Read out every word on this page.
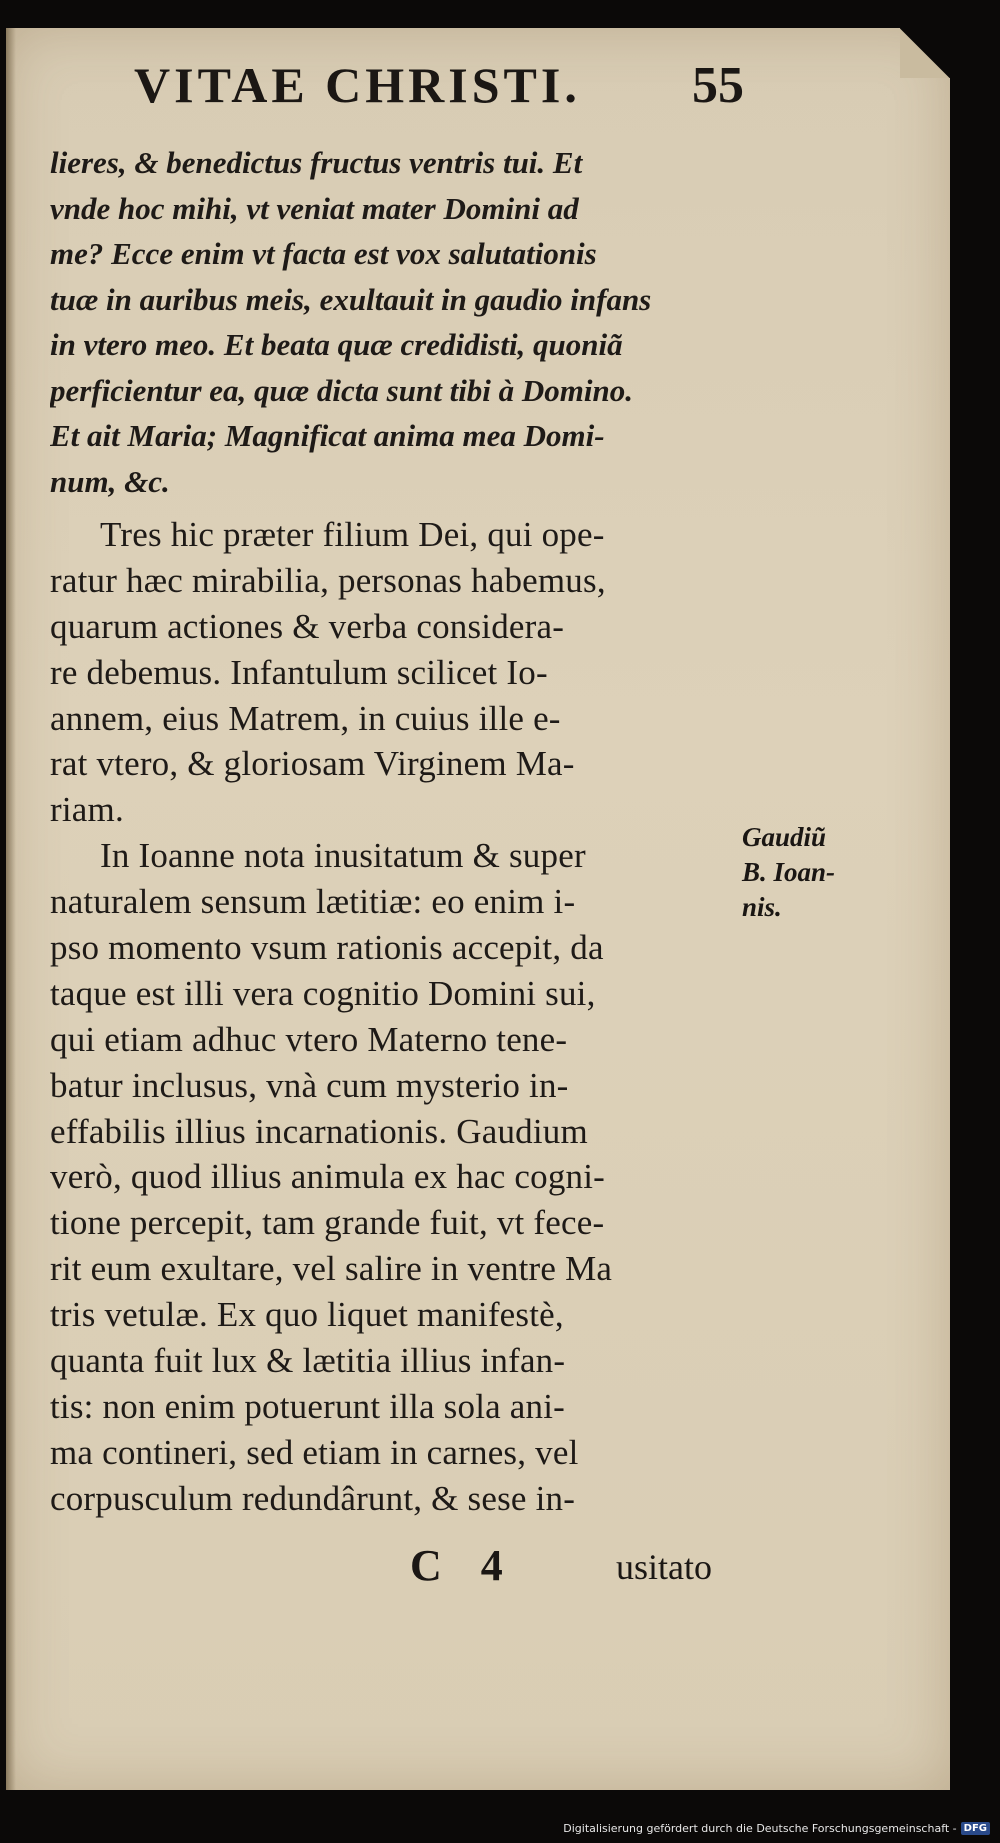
VITAE CHRISTI. 55
lieres, & benedictus fructus ventris tui. Et
vnde hoc mihi, vt veniat mater Domini ad
me? Ecce enim vt facta est vox salutationis
tuæ in auribus meis, exultauit in gaudio infans
in vtero meo. Et beata quæ credidisti, quoniã
perficientur ea, quæ dicta sunt tibi à Domino.
Et ait Maria; Magnificat anima mea Domi-
num, &c.
Tres hic præter filium Dei, qui ope-
ratur hæc mirabilia, personas habemus,
quarum actiones & verba considera-
re debemus. Infantulum scilicet Io-
annem, eius Matrem, in cuius ille e-
rat vtero, & gloriosam Virginem Ma-
riam.
In Ioanne nota inusitatum & super
naturalem sensum lætitiæ: eo enim i-
pso momento vsum rationis accepit, da
taque est illi vera cognitio Domini sui,
qui etiam adhuc vtero Materno tene-
batur inclusus, vnà cum mysterio in-
effabilis illius incarnationis. Gaudium
verò, quod illius animula ex hac cogni-
tione percepit, tam grande fuit, vt fece-
rit eum exultare, vel salire in ventre Ma
tris vetulæ. Ex quo liquet manifestè,
quanta fuit lux & lætitia illius infan-
tis: non enim potuerunt illa sola ani-
ma contineri, sed etiam in carnes, vel
corpusculum redundârunt, & sese in-
Gaudiũ
B. Ioan-
nis.
C 4	usitato
Digitalisierung gefördert durch die Deutsche Forschungsgemeinschaft - DFG
